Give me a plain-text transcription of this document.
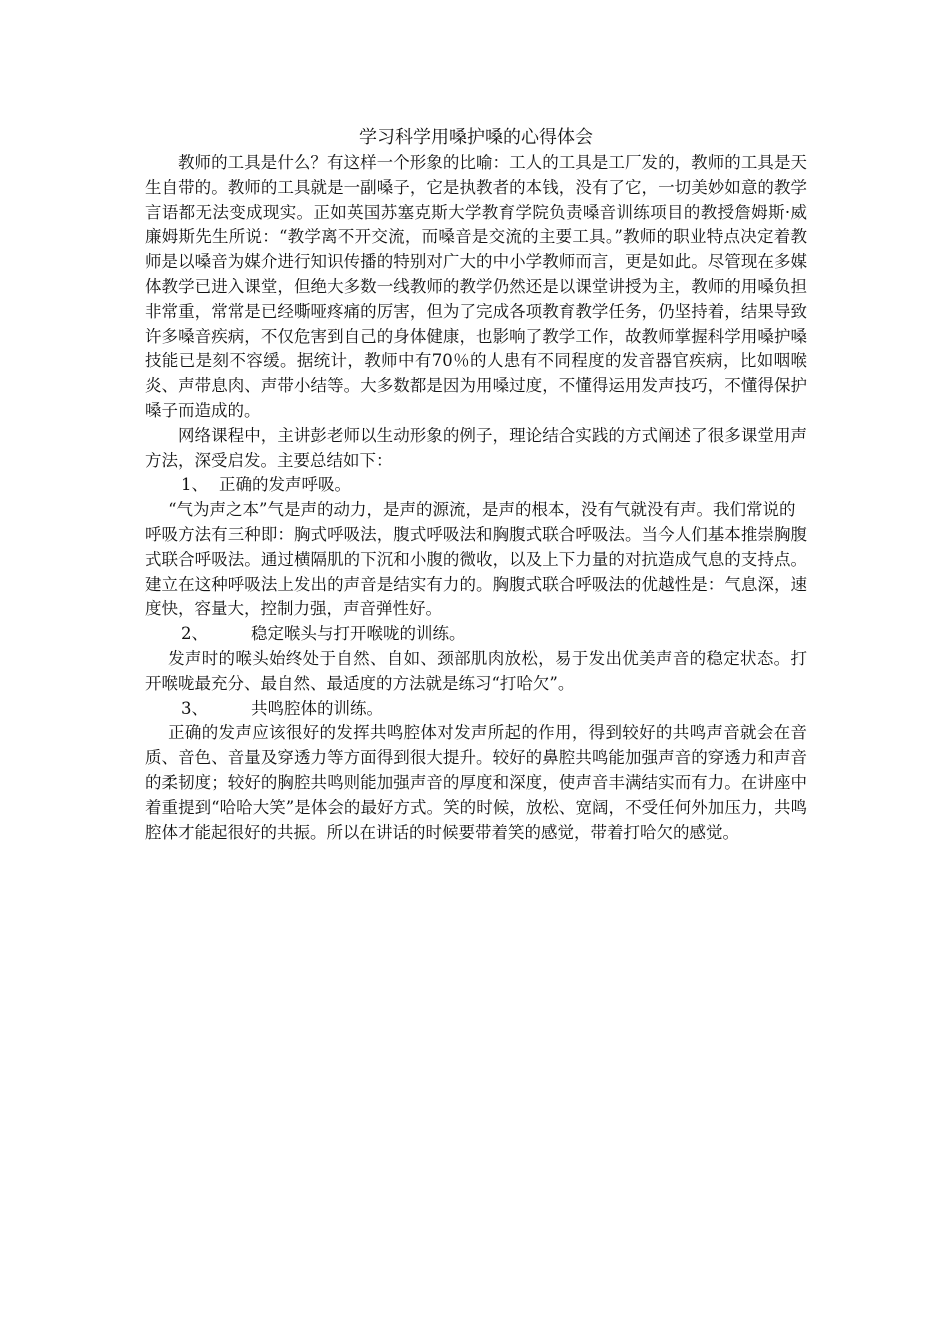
学习科学用嗓护嗓的心得体会

教师的工具是什么？有这样一个形象的比喻：工人的工具是工厂发的，教师的工具是天生自带的。教师的工具就是一副嗓子，它是执教者的本钱，没有了它，一切美妙如意的教学言语都无法变成现实。正如英国苏塞克斯大学教育学院负责嗓音训练项目的教授詹姆斯·威廉姆斯先生所说：“教学离不开交流，而嗓音是交流的主要工具。”教师的职业特点决定着教师是以嗓音为媒介进行知识传播的特别对广大的中小学教师而言，更是如此。尽管现在多媒体教学已进入课堂，但绝大多数一线教师的教学仍然还是以课堂讲授为主，教师的用嗓负担非常重，常常是已经嘶哑疼痛的厉害，但为了完成各项教育教学任务，仍坚持着，结果导致许多嗓音疾病，不仅危害到自己的身体健康，也影响了教学工作，故教师掌握科学用嗓护嗓技能已是刻不容缓。据统计，教师中有70％的人患有不同程度的发音器官疾病，比如咽喉炎、声带息肉、声带小结等。大多数都是因为用嗓过度，不懂得运用发声技巧，不懂得保护嗓子而造成的。

网络课程中，主讲彭老师以生动形象的例子，理论结合实践的方式阐述了很多课堂用声方法，深受启发。主要总结如下：

1、 正确的发声呼吸。

“气为声之本”气是声的动力，是声的源流，是声的根本，没有气就没有声。我们常说的

呼吸方法有三种即：胸式呼吸法，腹式呼吸法和胸腹式联合呼吸法。当今人们基本推崇胸腹式联合呼吸法。通过横隔肌的下沉和小腹的微收，以及上下力量的对抗造成气息的支持点。建立在这种呼吸法上发出的声音是结实有力的。胸腹式联合呼吸法的优越性是：气息深，速度快，容量大，控制力强，声音弹性好。

2、	稳定喉头与打开喉咙的训练。

发声时的喉头始终处于自然、自如、颈部肌肉放松，易于发出优美声音的稳定状态。打开喉咙最充分、最自然、最适度的方法就是练习“打哈欠”。

3、	共鸣腔体的训练。

正确的发声应该很好的发挥共鸣腔体对发声所起的作用，得到较好的共鸣声音就会在音质、音色、音量及穿透力等方面得到很大提升。较好的鼻腔共鸣能加强声音的穿透力和声音的柔韧度；较好的胸腔共鸣则能加强声音的厚度和深度，使声音丰满结实而有力。在讲座中着重提到“哈哈大笑”是体会的最好方式。笑的时候，放松、宽阔，不受任何外加压力，共鸣腔体才能起很好的共振。所以在讲话的时候要带着笑的感觉，带着打哈欠的感觉。
